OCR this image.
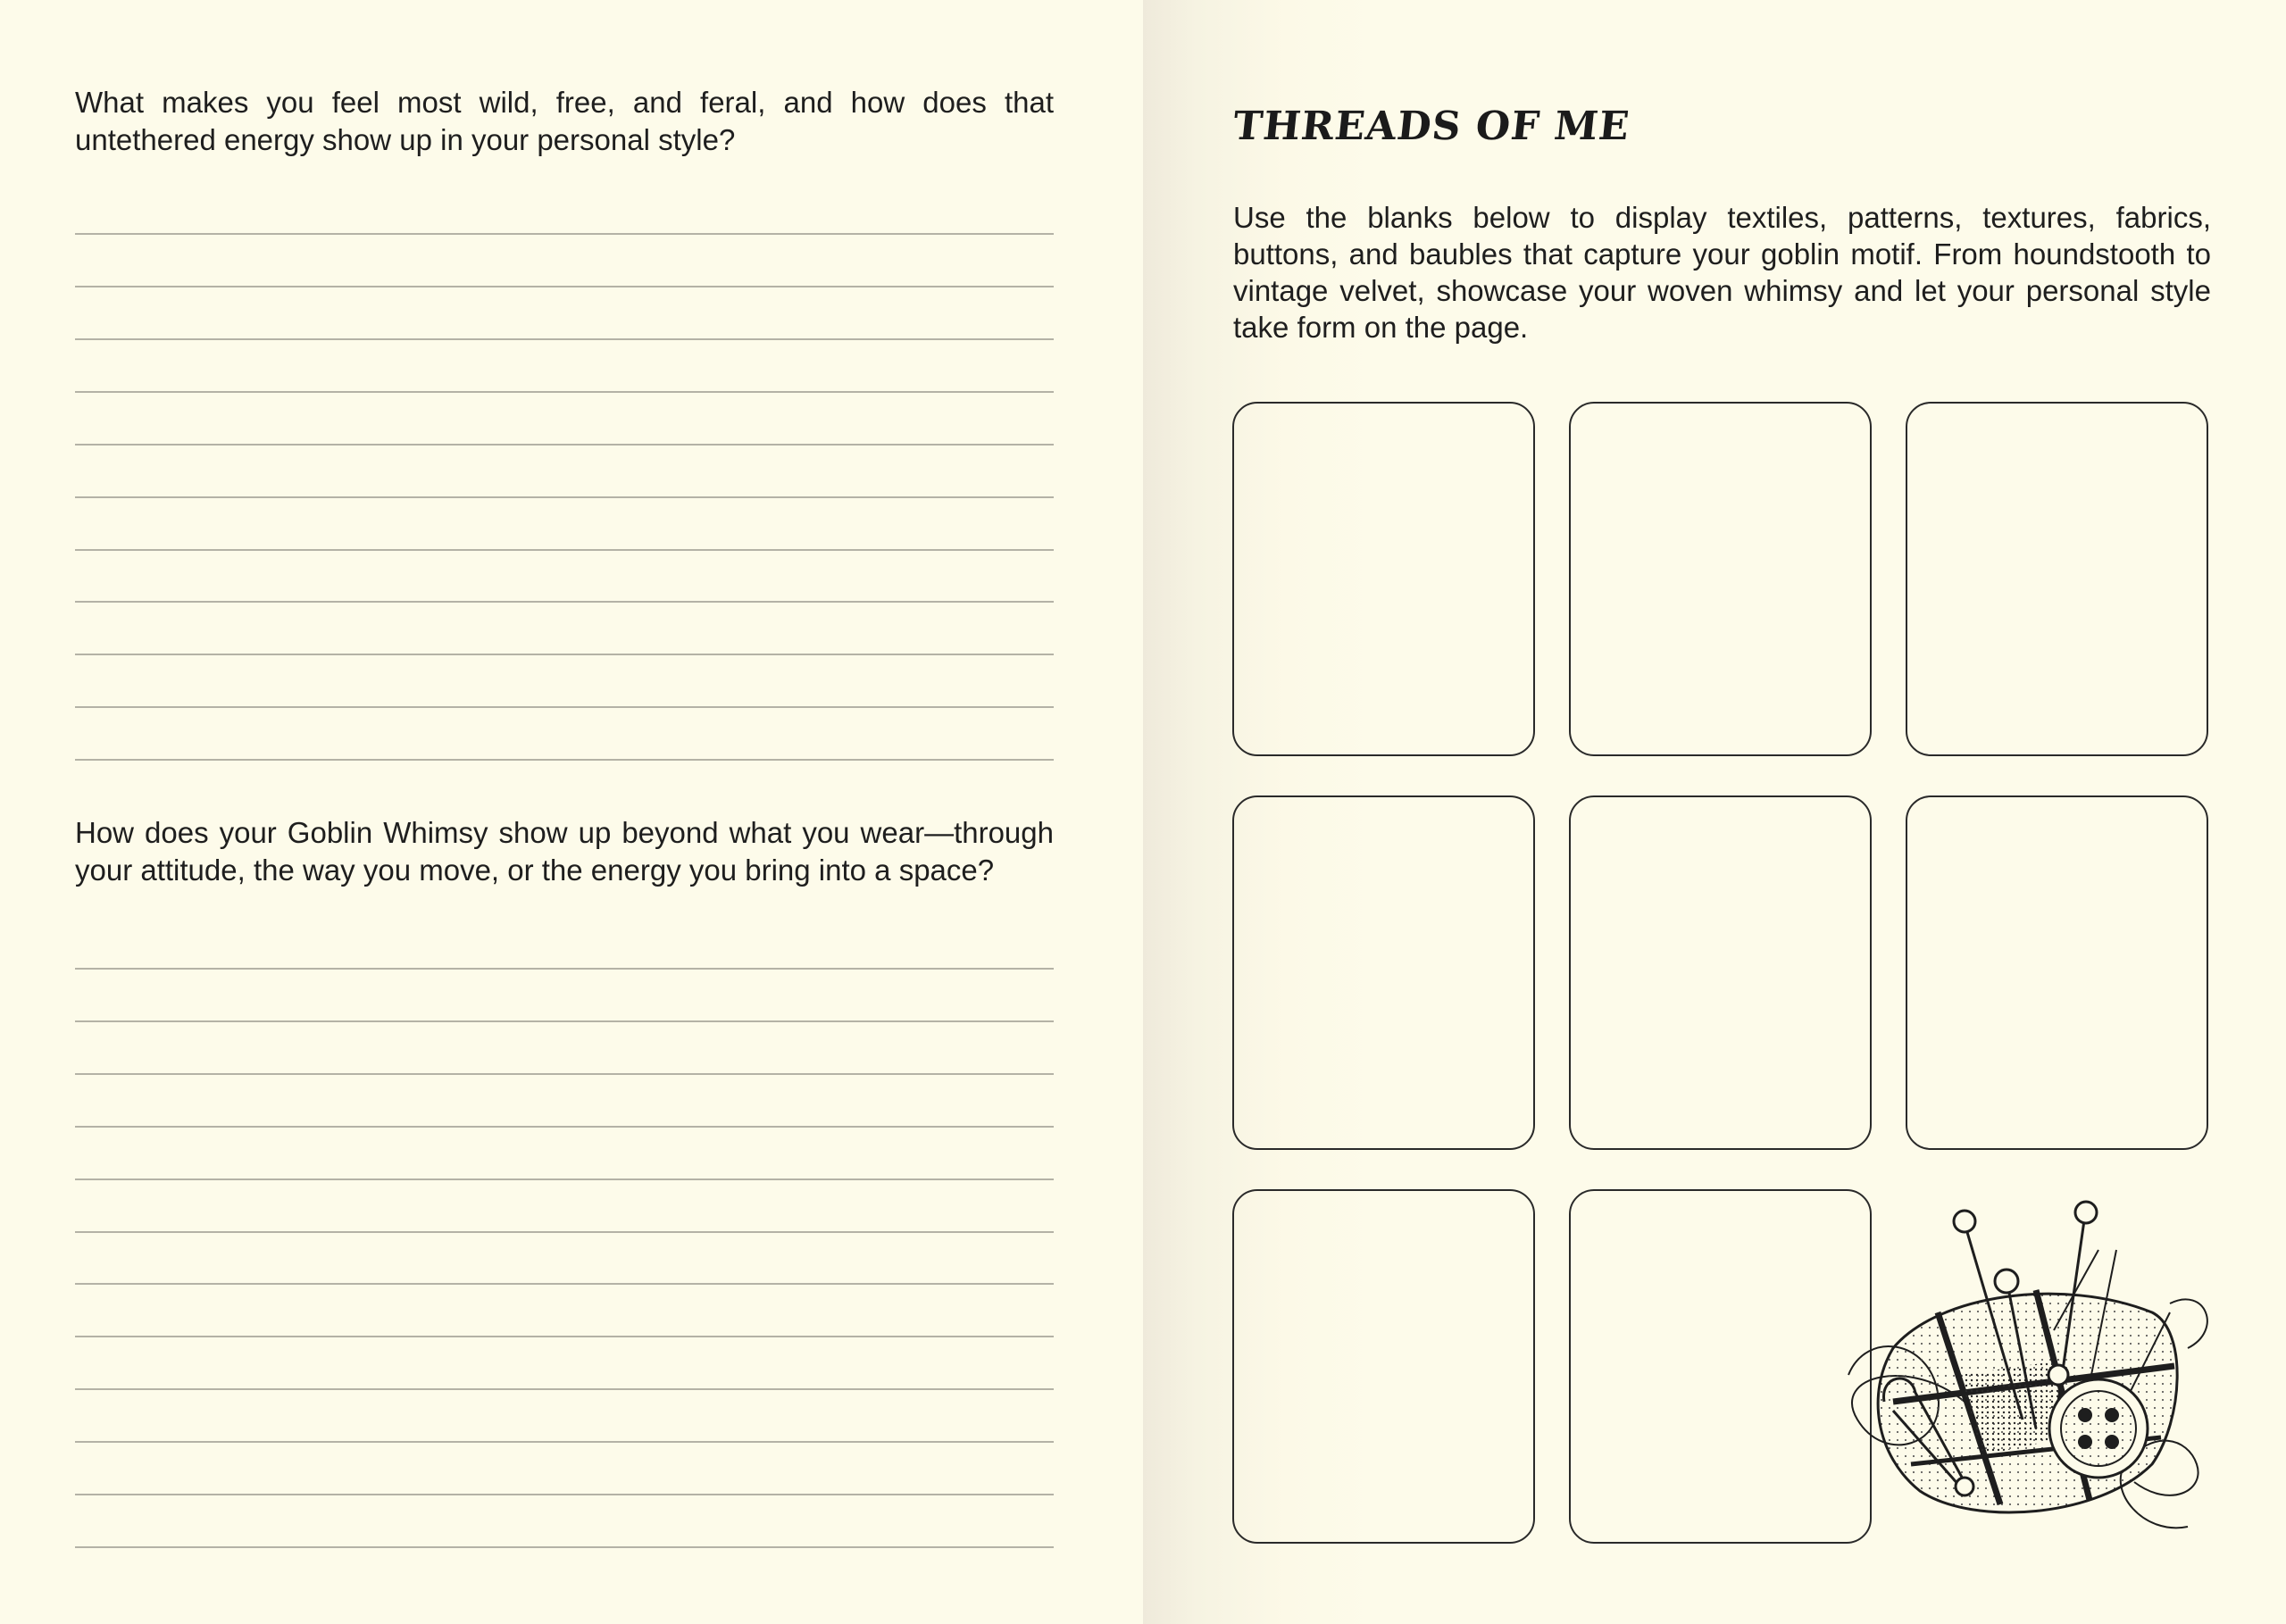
What makes you feel most wild, free, and feral, and how does that untethered energy show up in your personal style?

How does your Goblin Whimsy show up beyond what you wear—through your attitude, the way you move, or the energy you bring into a space?

THREADS OF ME

Use the blanks below to display textiles, patterns, textures, fabrics, buttons, and baubles that capture your goblin motif. From houndstooth to vintage velvet, showcase your woven whimsy and let your personal style take form on the page.
